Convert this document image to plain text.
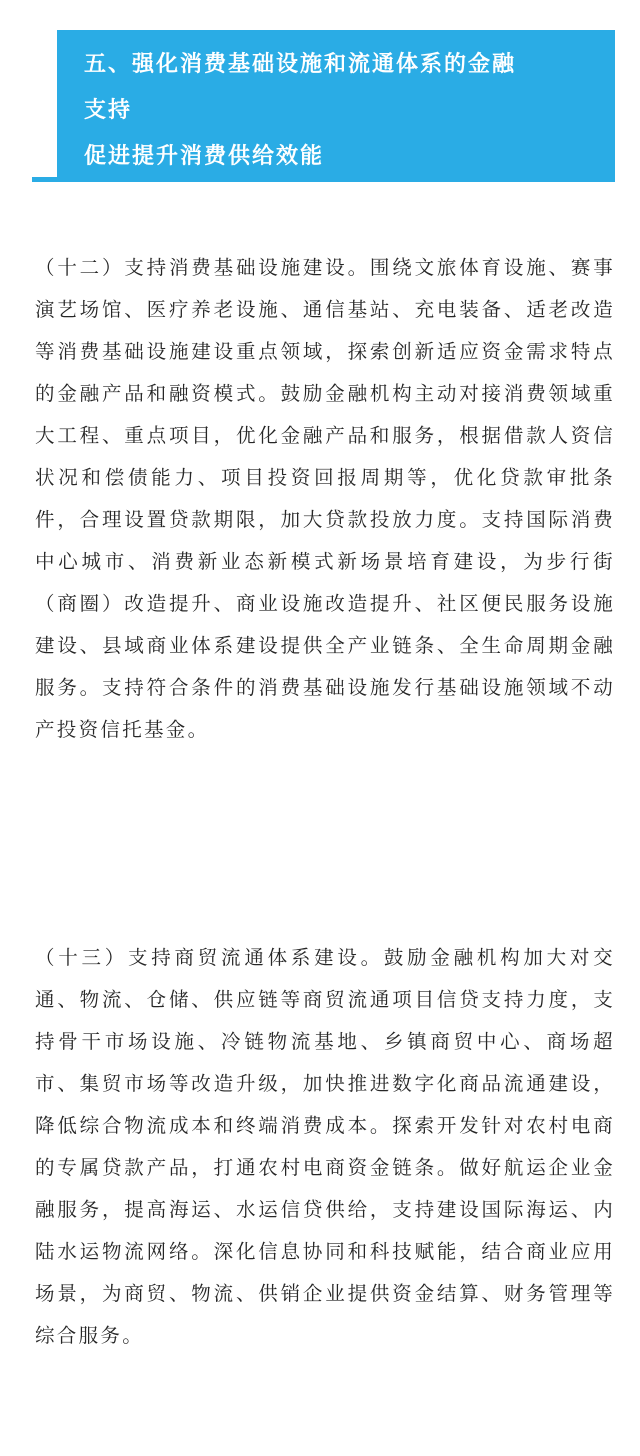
五、强化消费基础设施和流通体系的金融
支持
促进提升消费供给效能

（十二）支持消费基础设施建设。围绕文旅体育设施、赛事演艺场馆、医疗养老设施、通信基站、充电装备、适老改造等消费基础设施建设重点领域，探索创新适应资金需求特点的金融产品和融资模式。鼓励金融机构主动对接消费领域重大工程、重点项目，优化金融产品和服务，根据借款人资信状况和偿债能力、项目投资回报周期等，优化贷款审批条件，合理设置贷款期限，加大贷款投放力度。支持国际消费中心城市、消费新业态新模式新场景培育建设，为步行街（商圈）改造提升、商业设施改造提升、社区便民服务设施建设、县域商业体系建设提供全产业链条、全生命周期金融服务。支持符合条件的消费基础设施发行基础设施领域不动产投资信托基金。

（十三）支持商贸流通体系建设。鼓励金融机构加大对交通、物流、仓储、供应链等商贸流通项目信贷支持力度，支持骨干市场设施、冷链物流基地、乡镇商贸中心、商场超市、集贸市场等改造升级，加快推进数字化商品流通建设，降低综合物流成本和终端消费成本。探索开发针对农村电商的专属贷款产品，打通农村电商资金链条。做好航运企业金融服务，提高海运、水运信贷供给，支持建设国际海运、内陆水运物流网络。深化信息协同和科技赋能，结合商业应用场景，为商贸、物流、供销企业提供资金结算、财务管理等综合服务。
